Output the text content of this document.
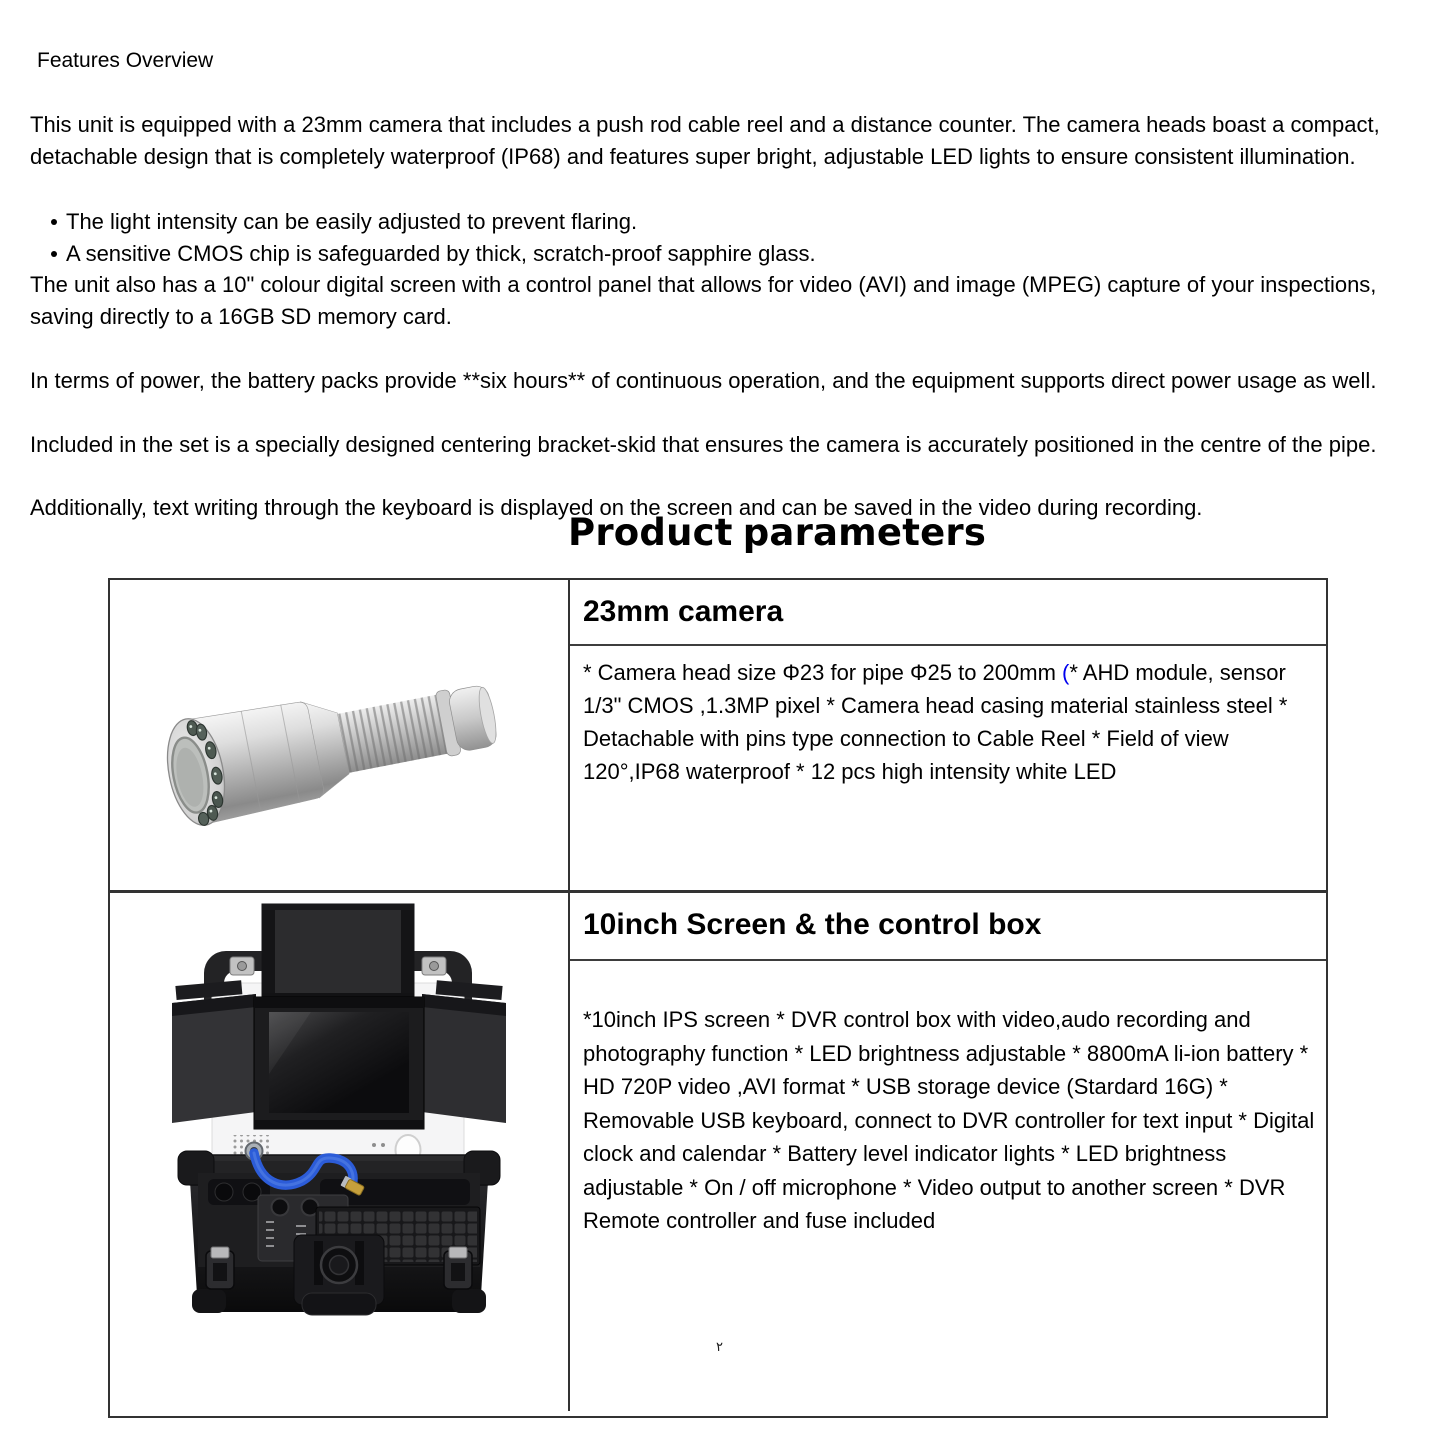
Features Overview

This unit is equipped with a 23mm camera that includes a push rod cable reel and a distance counter. The camera heads boast a compact, detachable design that is completely waterproof (IP68) and features super bright, adjustable LED lights to ensure consistent illumination.

The light intensity can be easily adjusted to prevent flaring.
A sensitive CMOS chip is safeguarded by thick, scratch-proof sapphire glass.

The unit also has a 10" colour digital screen with a control panel that allows for video (AVI) and image (MPEG) capture of your inspections, saving directly to a 16GB SD memory card.

In terms of power, the battery packs provide **six hours** of continuous operation, and the equipment supports direct power usage as well.

Included in the set is a specially designed centering bracket-skid that ensures the camera is accurately positioned in the centre of the pipe.

Additionally, text writing through the keyboard is displayed on the screen and can be saved in the video during recording.

Product parameters
23mm camera
* Camera head size Φ23 for pipe Φ25 to 200mm (* AHD module, sensor 1/3" CMOS ,1.3MP pixel * Camera head casing material stainless steel * Detachable with pins type connection to Cable Reel * Field of view 120°,IP68 waterproof * 12 pcs high intensity white LED
10inch Screen & the control box
*10inch IPS screen * DVR control box with video,audo recording and photography function * LED brightness adjustable * 8800mA li-ion battery * HD 720P video ,AVI format * USB storage device (Stardard 16G) * Removable USB keyboard, connect to DVR controller for text input * Digital clock and calendar * Battery level indicator lights * LED brightness adjustable * On / off microphone * Video output to another screen * DVR Remote controller and fuse included
٢
